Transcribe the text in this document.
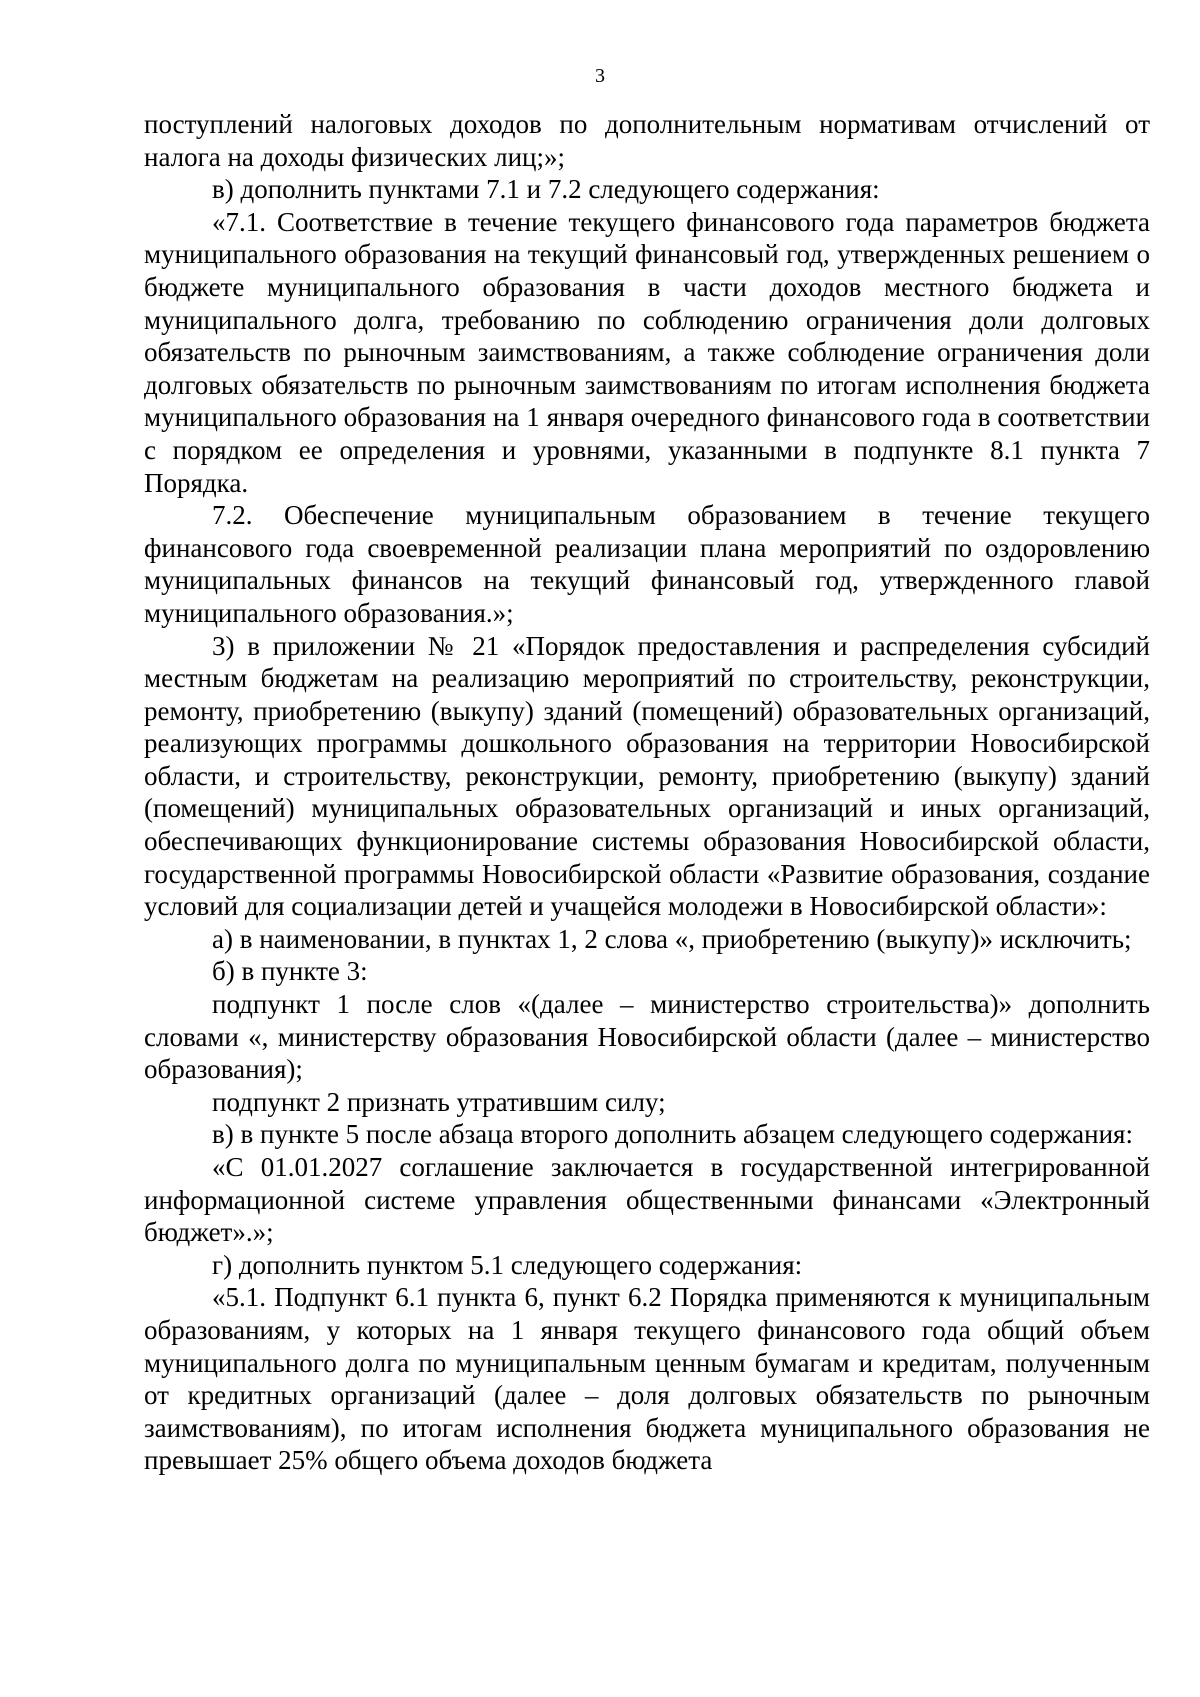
3

поступлений налоговых доходов по дополнительным нормативам отчислений от налога на доходы физических лиц;»;

в) дополнить пунктами 7.1 и 7.2 следующего содержания:

«7.1. Соответствие в течение текущего финансового года параметров бюджета муниципального образования на текущий финансовый год, утвержденных решением о бюджете муниципального образования в части доходов местного бюджета и муниципального долга, требованию по соблюдению ограничения доли долговых обязательств по рыночным заимствованиям, а также соблюдение ограничения доли долговых обязательств по рыночным заимствованиям по итогам исполнения бюджета муниципального образования на 1 января очередного финансового года в соответствии с порядком ее определения и уровнями, указанными в подпункте 8.1 пункта 7 Порядка.

7.2. Обеспечение муниципальным образованием в течение текущего финансового года своевременной реализации плана мероприятий по оздоровлению муниципальных финансов на текущий финансовый год, утвержденного главой муниципального образования.»;

3) в приложении № 21 «Порядок предоставления и распределения субсидий местным бюджетам на реализацию мероприятий по строительству, реконструкции, ремонту, приобретению (выкупу) зданий (помещений) образовательных организаций, реализующих программы дошкольного образования на территории Новосибирской области, и строительству, реконструкции, ремонту, приобретению (выкупу) зданий (помещений) муниципальных образовательных организаций и иных организаций, обеспечивающих функционирование системы образования Новосибирской области, государственной программы Новосибирской области «Развитие образования, создание условий для социализации детей и учащейся молодежи в Новосибирской области»:

а) в наименовании, в пунктах 1, 2 слова «, приобретению (выкупу)» исключить;

б) в пункте 3:

подпункт 1 после слов «(далее – министерство строительства)» дополнить словами «, министерству образования Новосибирской области (далее – министерство образования);

подпункт 2 признать утратившим силу;

в) в пункте 5 после абзаца второго дополнить абзацем следующего содержания:

«С 01.01.2027 соглашение заключается в государственной интегрированной информационной системе управления общественными финансами «Электронный бюджет».»;

г) дополнить пунктом 5.1 следующего содержания:

«5.1. Подпункт 6.1 пункта 6, пункт 6.2 Порядка применяются к муниципальным образованиям, у которых на 1 января текущего финансового года общий объем муниципального долга по муниципальным ценным бумагам и кредитам, полученным от кредитных организаций (далее – доля долговых обязательств по рыночным заимствованиям), по итогам исполнения бюджета муниципального образования не превышает 25% общего объема доходов бюджета
